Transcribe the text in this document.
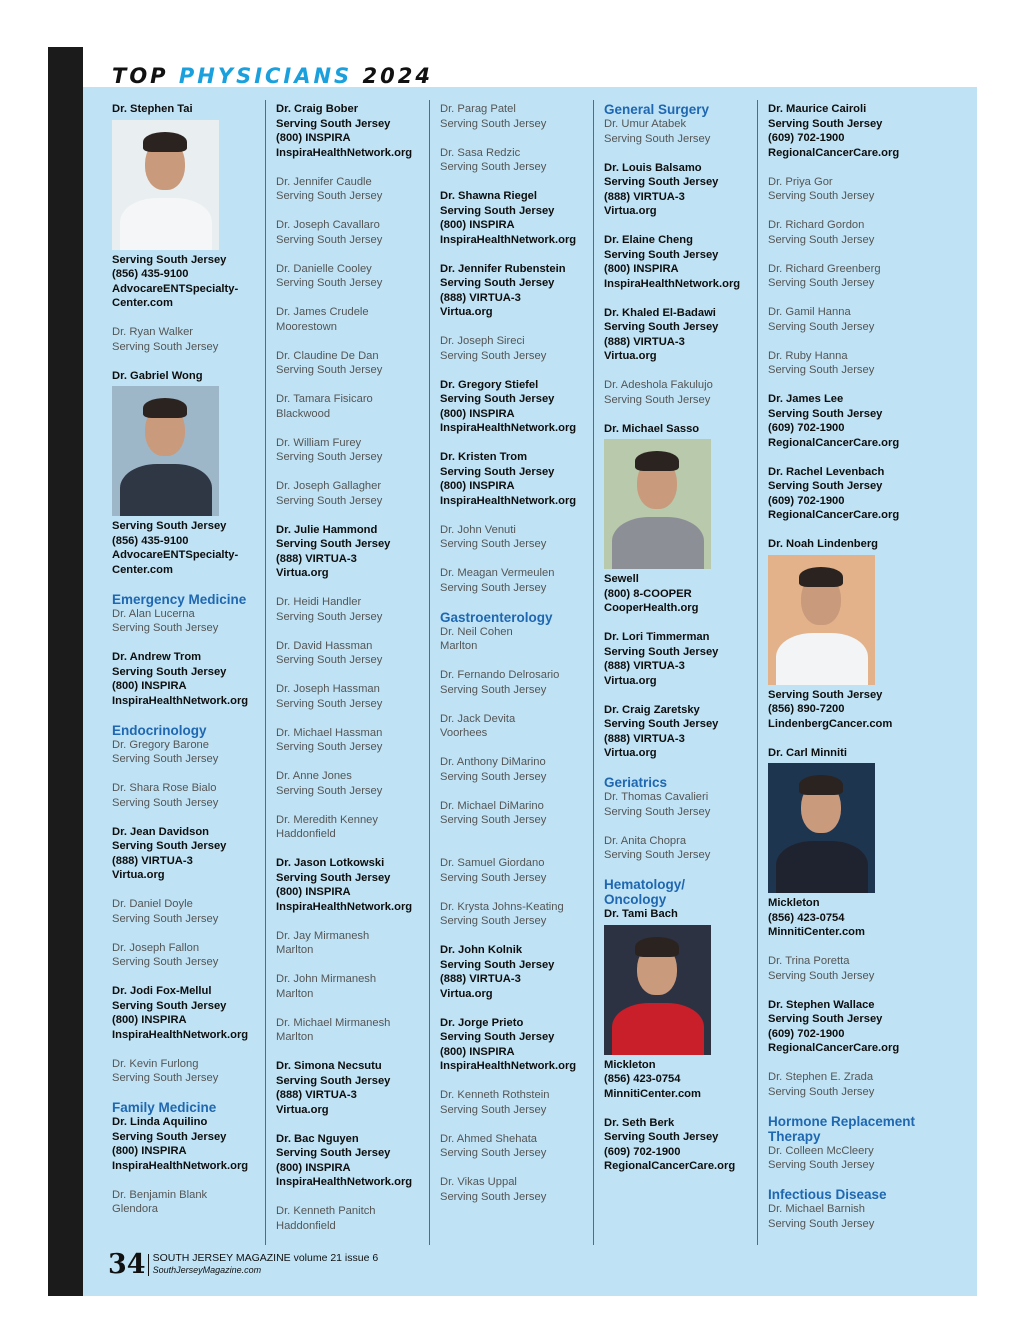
TOP PHYSICIANS 2024
Dr. Stephen Tai
Serving South Jersey
(856) 435-9100
AdvocareENTSpecialty-
Center.com
Dr. Ryan Walker
Serving South Jersey
Dr. Gabriel Wong
Serving South Jersey
(856) 435-9100
AdvocareENTSpecialty-
Center.com
Emergency Medicine
Dr. Alan Lucerna
Serving South Jersey
Dr. Andrew Trom
Serving South Jersey
(800) INSPIRA
InspiraHealthNetwork.org
Endocrinology
Dr. Gregory Barone
Serving South Jersey
Dr. Shara Rose Bialo
Serving South Jersey
Dr. Jean Davidson
Serving South Jersey
(888) VIRTUA-3
Virtua.org
Dr. Daniel Doyle
Serving South Jersey
Dr. Joseph Fallon
Serving South Jersey
Dr. Jodi Fox-Mellul
Serving South Jersey
(800) INSPIRA
InspiraHealthNetwork.org
Dr. Kevin Furlong
Serving South Jersey
Family Medicine
Dr. Linda Aquilino
Serving South Jersey
(800) INSPIRA
InspiraHealthNetwork.org
Dr. Benjamin Blank
Glendora
Dr. Craig Bober
Serving South Jersey
(800) INSPIRA
InspiraHealthNetwork.org
Dr. Jennifer Caudle
Serving South Jersey
Dr. Joseph Cavallaro
Serving South Jersey
Dr. Danielle Cooley
Serving South Jersey
Dr. James Crudele
Moorestown
Dr. Claudine De Dan
Serving South Jersey
Dr. Tamara Fisicaro
Blackwood
Dr. William Furey
Serving South Jersey
Dr. Joseph Gallagher
Serving South Jersey
Dr. Julie Hammond
Serving South Jersey
(888) VIRTUA-3
Virtua.org
Dr. Heidi Handler
Serving South Jersey
Dr. David Hassman
Serving South Jersey
Dr. Joseph Hassman
Serving South Jersey
Dr. Michael Hassman
Serving South Jersey
Dr. Anne Jones
Serving South Jersey
Dr. Meredith Kenney
Haddonfield
Dr. Jason Lotkowski
Serving South Jersey
(800) INSPIRA
InspiraHealthNetwork.org
Dr. Jay Mirmanesh
Marlton
Dr. John Mirmanesh
Marlton
Dr. Michael Mirmanesh
Marlton
Dr. Simona Necsutu
Serving South Jersey
(888) VIRTUA-3
Virtua.org
Dr. Bac Nguyen
Serving South Jersey
(800) INSPIRA
InspiraHealthNetwork.org
Dr. Kenneth Panitch
Haddonfield
Dr. Parag Patel
Serving South Jersey
Dr. Sasa Redzic
Serving South Jersey
Dr. Shawna Riegel
Serving South Jersey
(800) INSPIRA
InspiraHealthNetwork.org
Dr. Jennifer Rubenstein
Serving South Jersey
(888) VIRTUA-3
Virtua.org
Dr. Joseph Sireci
Serving South Jersey
Dr. Gregory Stiefel
Serving South Jersey
(800) INSPIRA
InspiraHealthNetwork.org
Dr. Kristen Trom
Serving South Jersey
(800) INSPIRA
InspiraHealthNetwork.org
Dr. John Venuti
Serving South Jersey
Dr. Meagan Vermeulen
Serving South Jersey
Gastroenterology
Dr. Neil Cohen
Marlton
Dr. Fernando Delrosario
Serving South Jersey
Dr. Jack Devita
Voorhees
Dr. Anthony DiMarino
Serving South Jersey
Dr. Michael DiMarino
Serving South Jersey
Dr. Samuel Giordano
Serving South Jersey
Dr. Krysta Johns-Keating
Serving South Jersey
Dr. John Kolnik
Serving South Jersey
(888) VIRTUA-3
Virtua.org
Dr. Jorge Prieto
Serving South Jersey
(800) INSPIRA
InspiraHealthNetwork.org
Dr. Kenneth Rothstein
Serving South Jersey
Dr. Ahmed Shehata
Serving South Jersey
Dr. Vikas Uppal
Serving South Jersey
General Surgery
Dr. Umur Atabek
Serving South Jersey
Dr. Louis Balsamo
Serving South Jersey
(888) VIRTUA-3
Virtua.org
Dr. Elaine Cheng
Serving South Jersey
(800) INSPIRA
InspiraHealthNetwork.org
Dr. Khaled El-Badawi
Serving South Jersey
(888) VIRTUA-3
Virtua.org
Dr. Adeshola Fakulujo
Serving South Jersey
Dr. Michael Sasso
Sewell
(800) 8-COOPER
CooperHealth.org
Dr. Lori Timmerman
Serving South Jersey
(888) VIRTUA-3
Virtua.org
Dr. Craig Zaretsky
Serving South Jersey
(888) VIRTUA-3
Virtua.org
Geriatrics
Dr. Thomas Cavalieri
Serving South Jersey
Dr. Anita Chopra
Serving South Jersey
Hematology/
Oncology
Dr. Tami Bach
Mickleton
(856) 423-0754
MinnitiCenter.com
Dr. Seth Berk
Serving South Jersey
(609) 702-1900
RegionalCancerCare.org
Dr. Maurice Cairoli
Serving South Jersey
(609) 702-1900
RegionalCancerCare.org
Dr. Priya Gor
Serving South Jersey
Dr. Richard Gordon
Serving South Jersey
Dr. Richard Greenberg
Serving South Jersey
Dr. Gamil Hanna
Serving South Jersey
Dr. Ruby Hanna
Serving South Jersey
Dr. James Lee
Serving South Jersey
(609) 702-1900
RegionalCancerCare.org
Dr. Rachel Levenbach
Serving South Jersey
(609) 702-1900
RegionalCancerCare.org
Dr. Noah Lindenberg
Serving South Jersey
(856) 890-7200
LindenbergCancer.com
Dr. Carl Minniti
Mickleton
(856) 423-0754
MinnitiCenter.com
Dr. Trina Poretta
Serving South Jersey
Dr. Stephen Wallace
Serving South Jersey
(609) 702-1900
RegionalCancerCare.org
Dr. Stephen E. Zrada
Serving South Jersey
Hormone Replacement
Therapy
Dr. Colleen McCleery
Serving South Jersey
Infectious Disease
Dr. Michael Barnish
Serving South Jersey
34 SOUTH JERSEY MAGAZINE volume 21 issue 6
SouthJerseyMagazine.com
